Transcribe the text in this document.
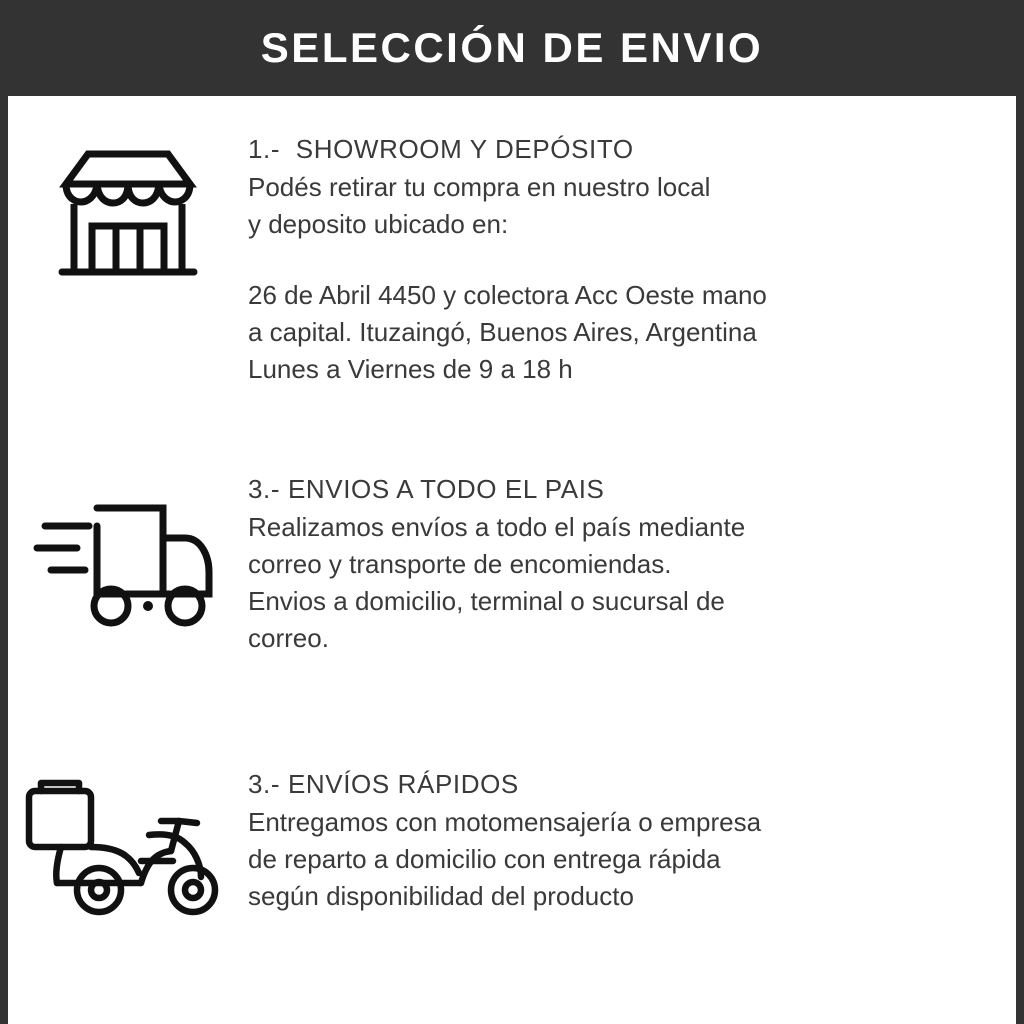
SELECCIÓN DE ENVIO
1.-  SHOWROOM Y DEPÓSITO
Podés retirar tu compra en nuestro local
y deposito ubicado en:
26 de Abril 4450 y colectora Acc Oeste mano
a capital. Ituzaingó, Buenos Aires, Argentina
Lunes a Viernes de 9 a 18 h
3.- ENVIOS A TODO EL PAIS
Realizamos envíos a todo el país mediante
correo y transporte de encomiendas.
Envios a domicilio, terminal o sucursal de
correo.
3.- ENVÍOS RÁPIDOS
Entregamos con motomensajería o empresa
de reparto a domicilio con entrega rápida
según disponibilidad del producto
